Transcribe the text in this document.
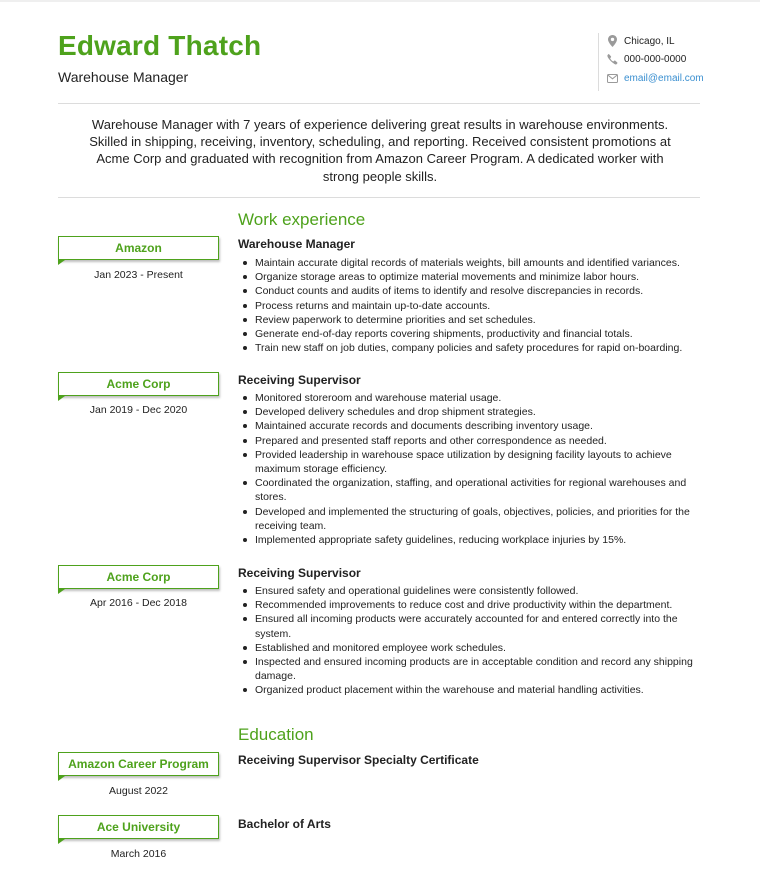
Edward Thatch
Warehouse Manager
Chicago, IL
000-000-0000
email@email.com
Warehouse Manager with 7 years of experience delivering great results in warehouse environments. Skilled in shipping, receiving, inventory, scheduling, and reporting. Received consistent promotions at Acme Corp and graduated with recognition from Amazon Career Program. A dedicated worker with strong people skills.
Work experience
Amazon
Jan 2023 - Present
Warehouse Manager
Maintain accurate digital records of materials weights, bill amounts and identified variances.
Organize storage areas to optimize material movements and minimize labor hours.
Conduct counts and audits of items to identify and resolve discrepancies in records.
Process returns and maintain up-to-date accounts.
Review paperwork to determine priorities and set schedules.
Generate end-of-day reports covering shipments, productivity and financial totals.
Train new staff on job duties, company policies and safety procedures for rapid on-boarding.
Acme Corp
Jan 2019 - Dec 2020
Receiving Supervisor
Monitored storeroom and warehouse material usage.
Developed delivery schedules and drop shipment strategies.
Maintained accurate records and documents describing inventory usage.
Prepared and presented staff reports and other correspondence as needed.
Provided leadership in warehouse space utilization by designing facility layouts to achieve maximum storage efficiency.
Coordinated the organization, staffing, and operational activities for regional warehouses and stores.
Developed and implemented the structuring of goals, objectives, policies, and priorities for the receiving team.
Implemented appropriate safety guidelines, reducing workplace injuries by 15%.
Acme Corp
Apr 2016 - Dec 2018
Receiving Supervisor
Ensured safety and operational guidelines were consistently followed.
Recommended improvements to reduce cost and drive productivity within the department.
Ensured all incoming products were accurately accounted for and entered correctly into the system.
Established and monitored employee work schedules.
Inspected and ensured incoming products are in acceptable condition and record any shipping damage.
Organized product placement within the warehouse and material handling activities.
Education
Amazon Career Program
August 2022
Receiving Supervisor Specialty Certificate
Ace University
March 2016
Bachelor of Arts
